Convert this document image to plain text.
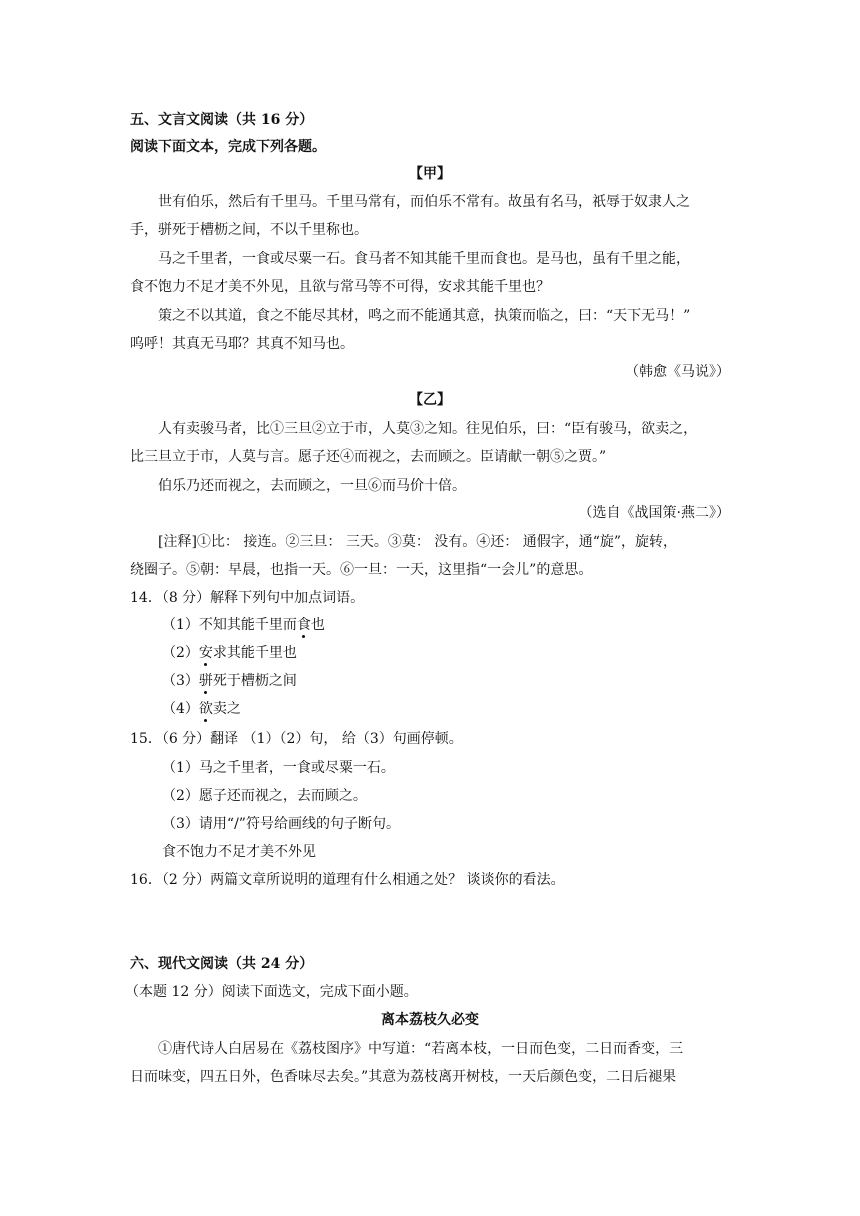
五、文言文阅读（共 16 分）
阅读下面文本，完成下列各题。
【甲】
世有伯乐，然后有千里马。千里马常有，而伯乐不常有。故虽有名马，祇辱于奴隶人之
手，骈死于槽枥之间，不以千里称也。
马之千里者，一食或尽粟一石。食马者不知其能千里而食也。是马也，虽有千里之能，
食不饱力不足才美不外见，且欲与常马等不可得，安求其能千里也？
策之不以其道，食之不能尽其材，鸣之而不能通其意，执策而临之，曰：“天下无马！”
呜呼！其真无马耶？其真不知马也。
（韩愈《马说》）
【乙】
人有卖骏马者，比①三旦②立于市，人莫③之知。往见伯乐，曰：“臣有骏马，欲卖之，
比三旦立于市，人莫与言。愿子还④而视之，去而顾之。臣请献一朝⑤之贾。”
伯乐乃还而视之，去而顾之，一旦⑥而马价十倍。
（选自《战国策·燕二》）
[注释]①比： 接连。②三旦： 三天。③莫： 没有。④还： 通假字，通“旋”，旋转，
绕圈子。⑤朝：早晨，也指一天。⑥一旦：一天，这里指“一会儿”的意思。
14．（8 分）解释下列句中加点词语。
（1）不知其能千里而食也
（2）安求其能千里也
（3）骈死于槽枥之间
（4）欲卖之
15．（6 分）翻译 （1）（2）句， 给（3）句画停顿。
（1）马之千里者，一食或尽粟一石。
（2）愿子还而视之，去而顾之。
（3）请用“/”符号给画线的句子断句。
食不饱力不足才美不外见
16．（2 分）两篇文章所说明的道理有什么相通之处？ 谈谈你的看法。
六、现代文阅读（共 24 分）
（本题 12 分）阅读下面选文，完成下面小题。
离本荔枝久必变
①唐代诗人白居易在《荔枝图序》中写道：“若离本枝，一日而色变，二日而香变，三
日而味变，四五日外，色香味尽去矣。”其意为荔枝离开树枝，一天后颜色变，二日后褪果
